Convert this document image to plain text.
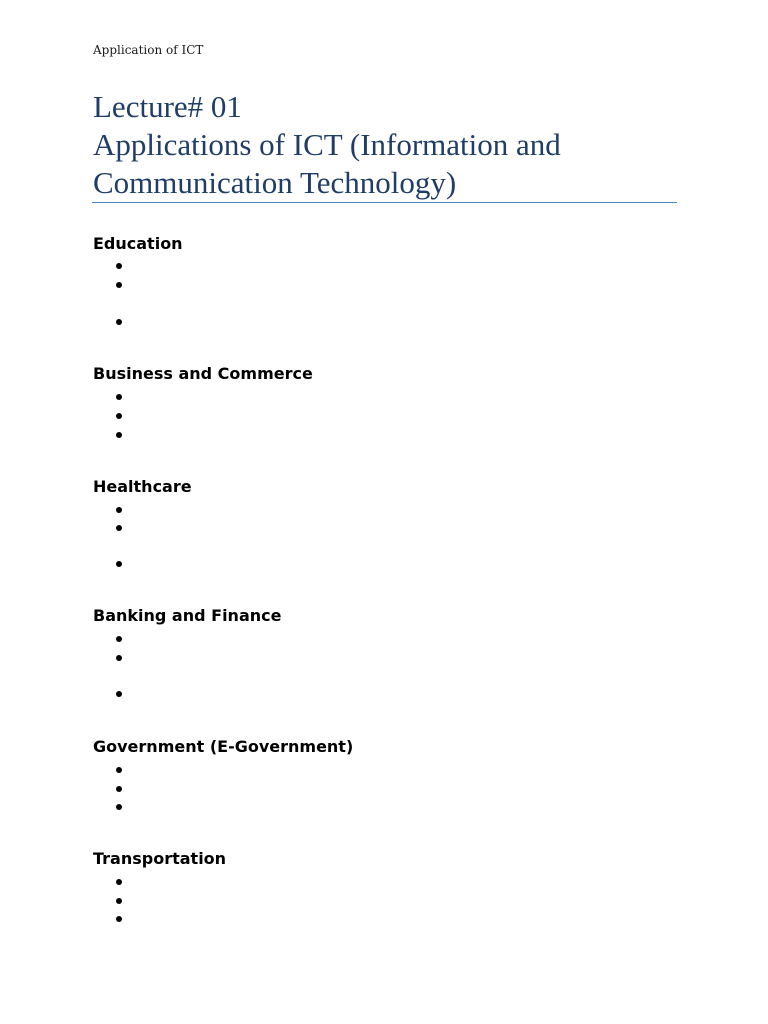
Application of ICT
Lecture# 01
Applications of ICT (Information and
Communication Technology)
Education
Business and Commerce
Healthcare
Banking and Finance
Government (E-Government)
Transportation
